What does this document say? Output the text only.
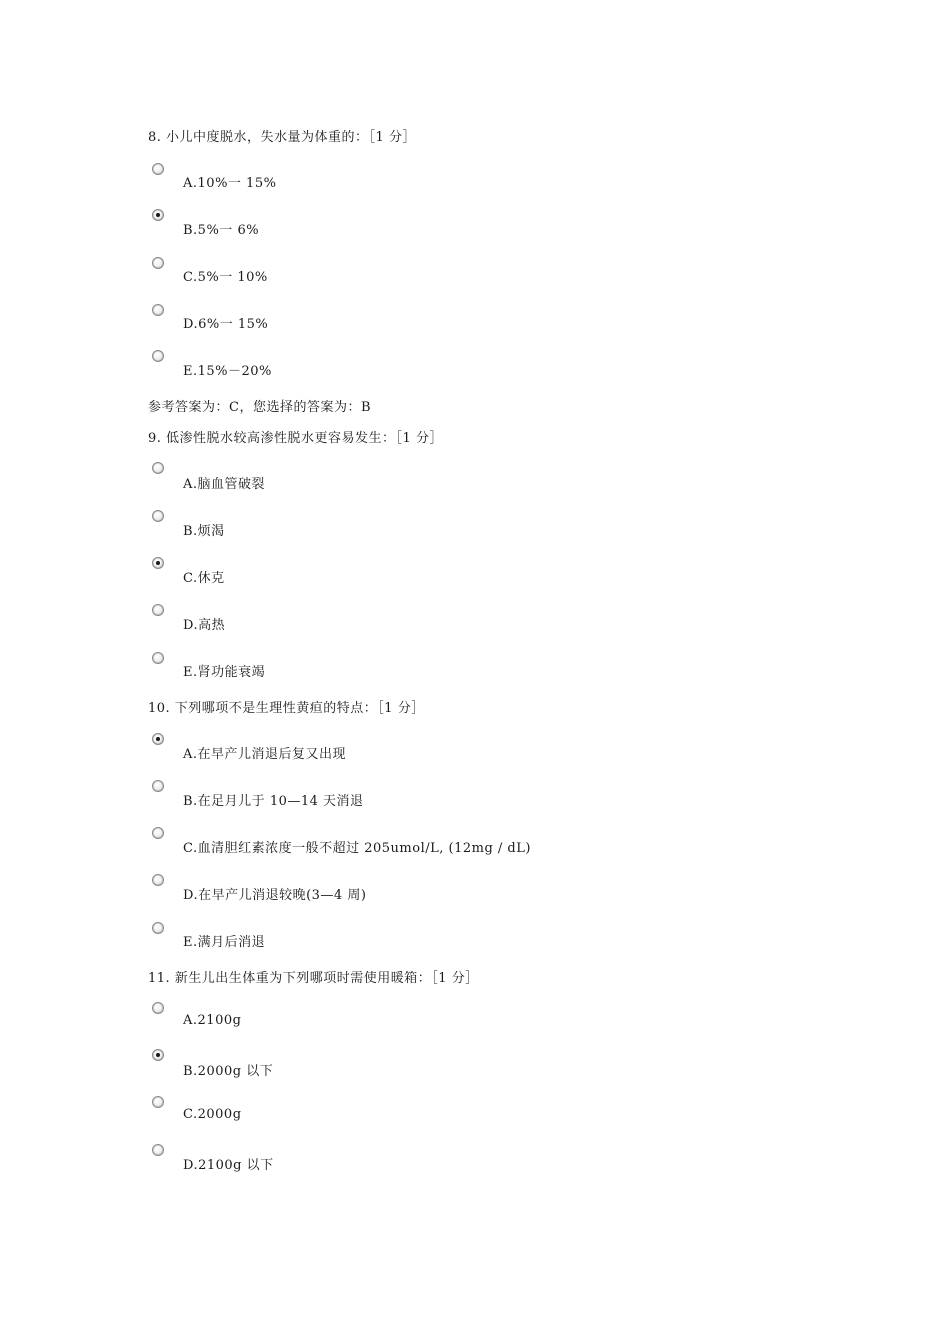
8. 小儿中度脱水，失水量为体重的：［1 分］
A.10%一 15%
B.5%一 6%
C.5%一 10%
D.6%一 15%
E.15%－20%
参考答案为：C，您选择的答案为：B
9. 低渗性脱水较高渗性脱水更容易发生：［1 分］
A.脑血管破裂
B.烦渴
C.休克
D.高热
E.肾功能衰竭
10. 下列哪项不是生理性黄疸的特点：［1 分］
A.在早产儿消退后复又出现
B.在足月儿于 10—14 天消退
C.血清胆红素浓度一般不超过 205umol/L, (12mg / dL)
D.在早产儿消退较晚(3—4 周)
E.满月后消退
11. 新生儿出生体重为下列哪项时需使用暖箱：［1 分］
A.2100g
B.2000g 以下
C.2000g
D.2100g 以下
